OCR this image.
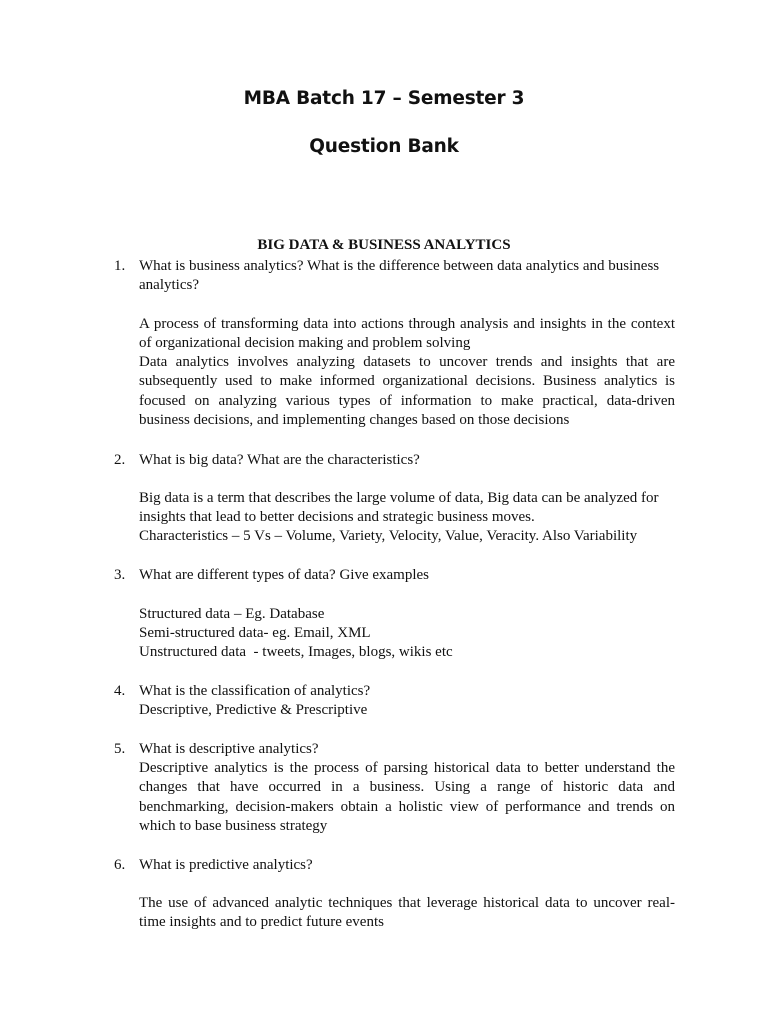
MBA Batch 17 – Semester 3
Question Bank
BIG DATA & BUSINESS ANALYTICS
1. What is business analytics? What is the difference between data analytics and business analytics?
A process of transforming data into actions through analysis and insights in the context of organizational decision making and problem solving
Data analytics involves analyzing datasets to uncover trends and insights that are subsequently used to make informed organizational decisions. Business analytics is focused on analyzing various types of information to make practical, data-driven business decisions, and implementing changes based on those decisions
2. What is big data? What are the characteristics?
Big data is a term that describes the large volume of data, Big data can be analyzed for insights that lead to better decisions and strategic business moves.
Characteristics – 5 Vs – Volume, Variety, Velocity, Value, Veracity. Also Variability
3. What are different types of data? Give examples
Structured data – Eg. Database
Semi-structured data- eg. Email, XML
Unstructured data  - tweets, Images, blogs, wikis etc
4. What is the classification of analytics?
Descriptive, Predictive & Prescriptive
5. What is descriptive analytics?
Descriptive analytics is the process of parsing historical data to better understand the changes that have occurred in a business. Using a range of historic data and benchmarking, decision-makers obtain a holistic view of performance and trends on which to base business strategy
6. What is predictive analytics?
The use of advanced analytic techniques that leverage historical data to uncover real-time insights and to predict future events
